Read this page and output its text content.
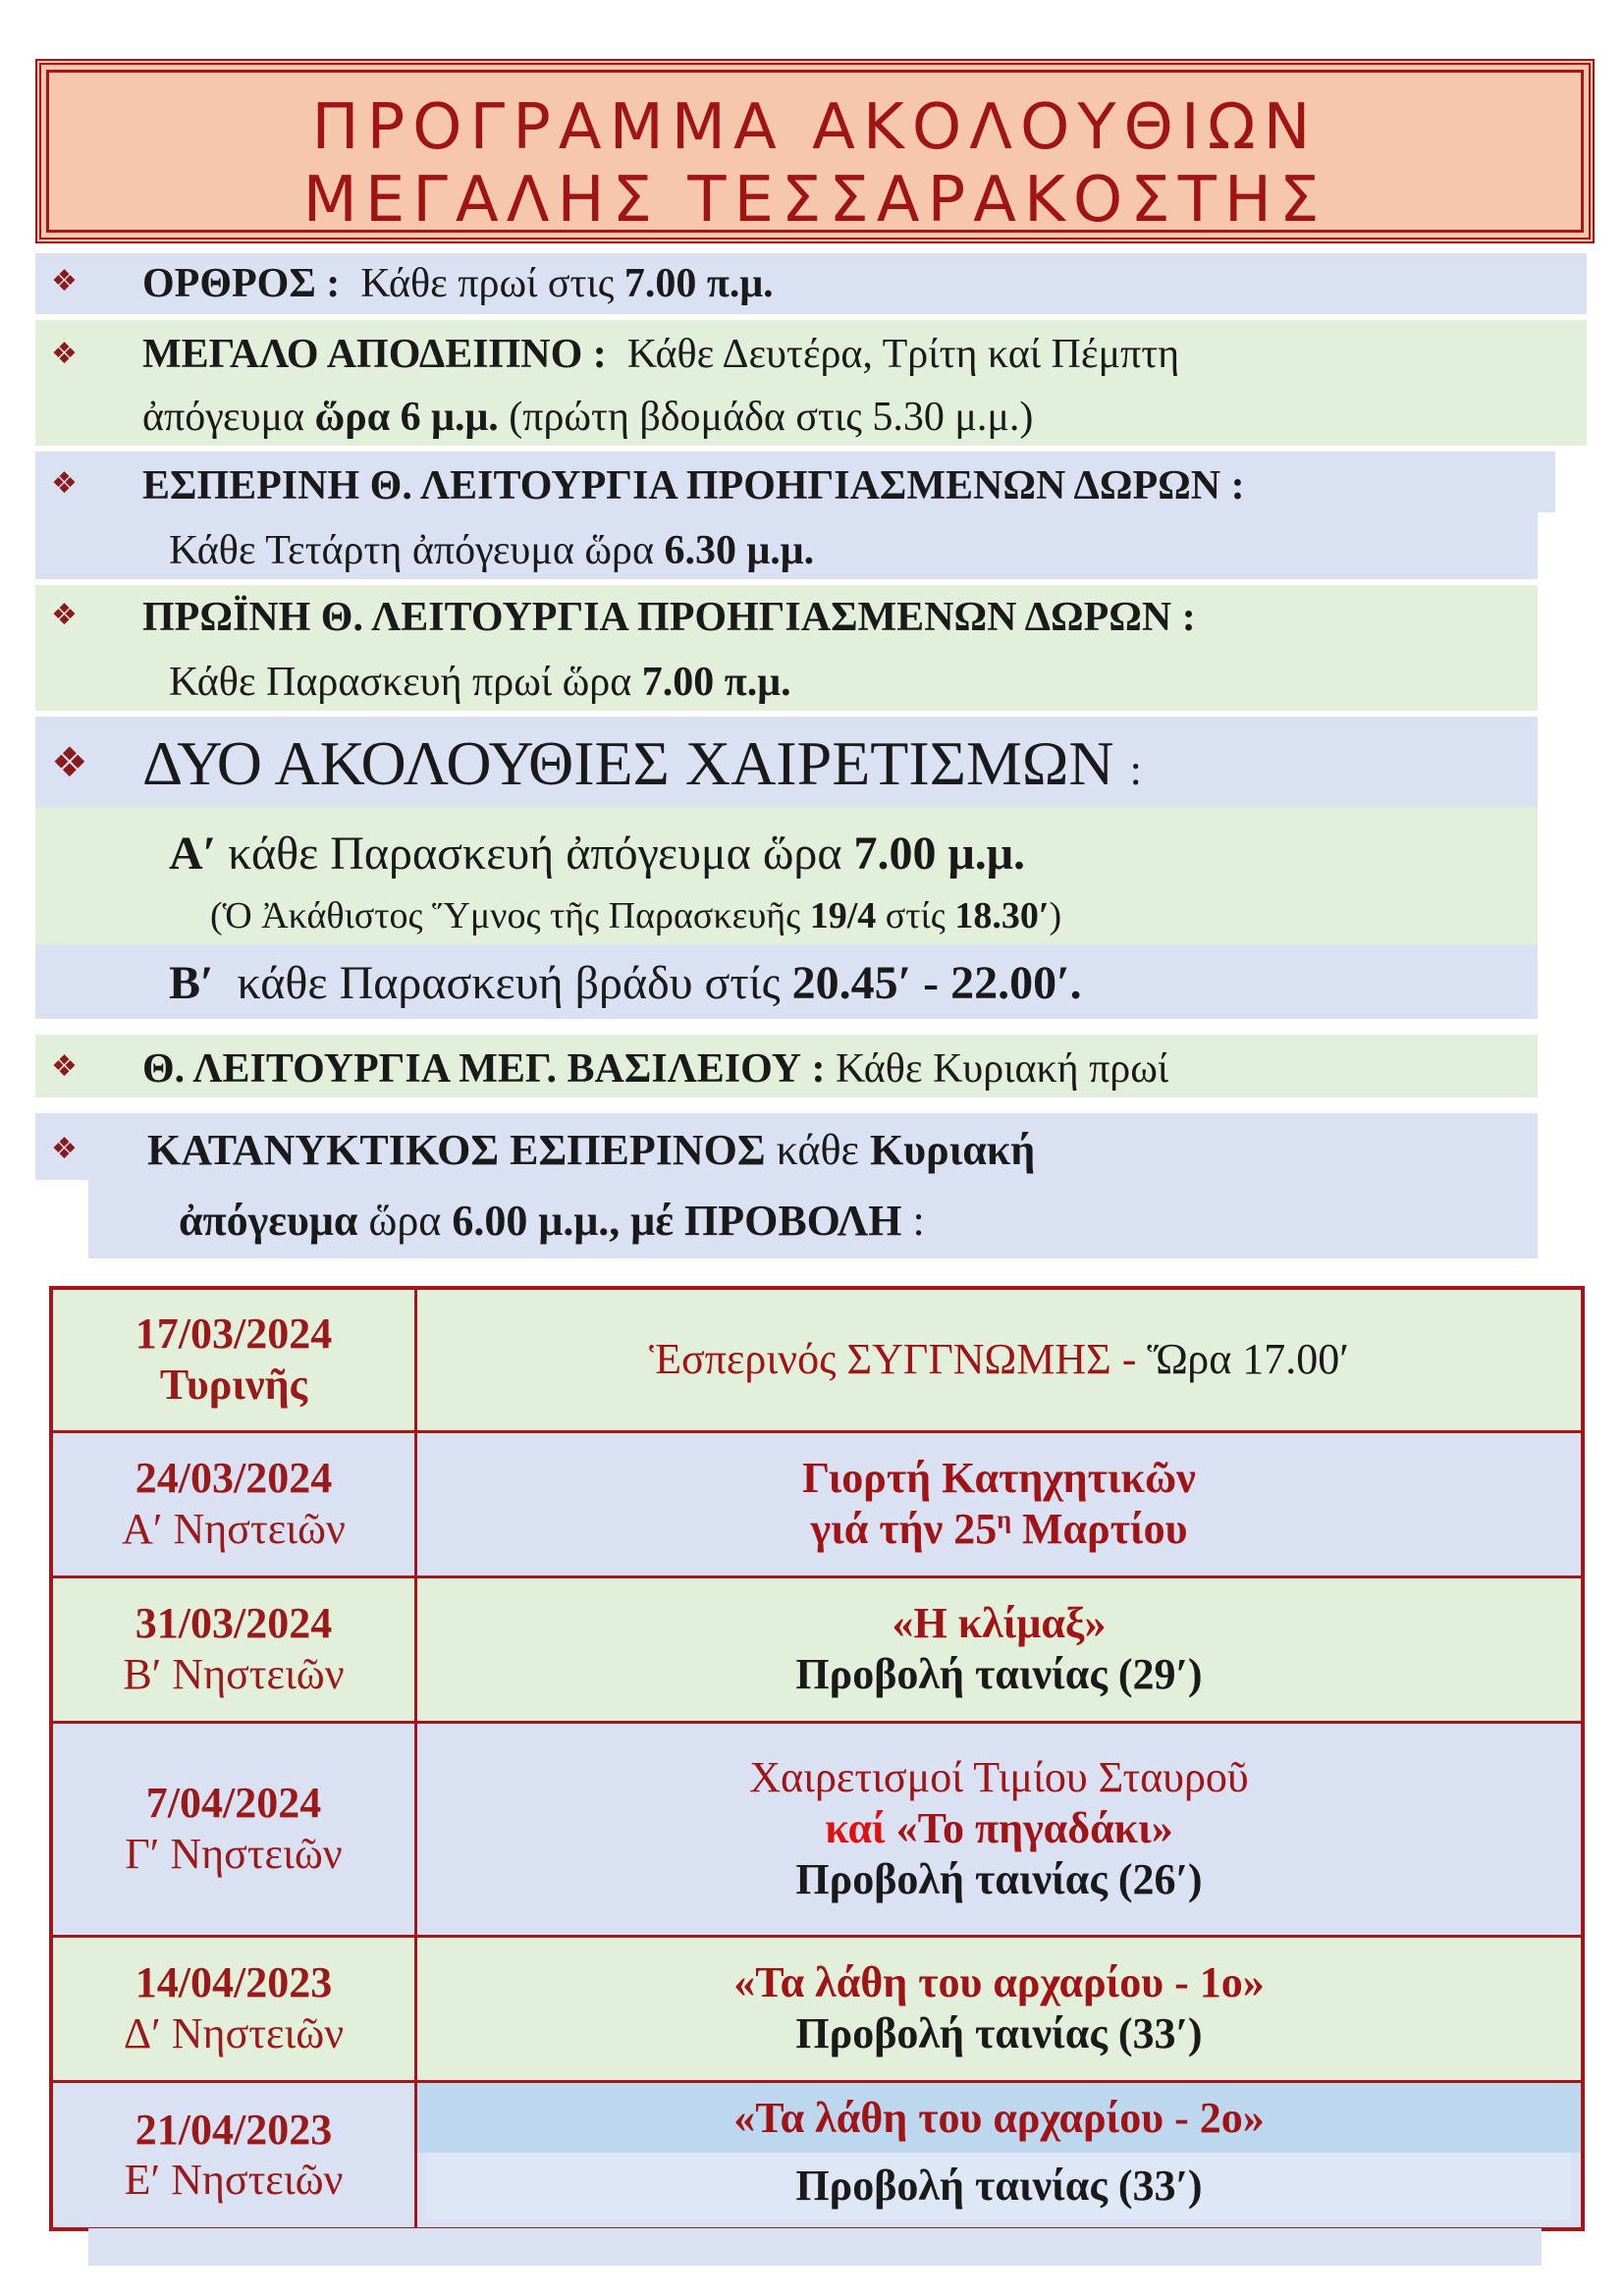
ΠΡΟΓΡΑΜΜΑ ΑΚΟΛΟΥΘΙΩΝ
ΜΕΓΑΛΗΣ ΤΕΣΣΑΡΑΚΟΣΤΗΣ
❖ ΟΡΘΡΟΣ : Κάθε πρωί στις 7.00 π.μ.
❖ ΜΕΓΑΛΟ ΑΠΟΔΕΙΠΝΟ : Κάθε Δευτέρα, Τρίτη καί Πέμπτη
ἀπόγευμα ὥρα 6 μ.μ. (πρώτη βδομάδα στις 5.30 μ.μ.)
❖ ΕΣΠΕΡΙΝΗ Θ. ΛΕΙΤΟΥΡΓΙΑ ΠΡΟΗΓΙΑΣΜΕΝΩΝ ΔΩΡΩΝ :
Κάθε Τετάρτη ἀπόγευμα ὥρα 6.30 μ.μ.
❖ ΠΡΩΪΝΗ Θ. ΛΕΙΤΟΥΡΓΙΑ ΠΡΟΗΓΙΑΣΜΕΝΩΝ ΔΩΡΩΝ :
Κάθε Παρασκευή πρωί ὥρα 7.00 π.μ.
❖ ΔΥΟ ΑΚΟΛΟΥΘΙΕΣ ΧΑΙΡΕΤΙΣΜΩΝ :
Α′ κάθε Παρασκευή ἀπόγευμα ὥρα 7.00 μ.μ.
(Ὁ Ἀκάθιστος Ὕμνος τῆς Παρασκευῆς 19/4 στίς 18.30′)
Β′ κάθε Παρασκευή βράδυ στίς 20.45′ - 22.00′.
❖ Θ. ΛΕΙΤΟΥΡΓΙΑ ΜΕΓ. ΒΑΣΙΛΕΙΟΥ : Κάθε Κυριακή πρωί
❖ ΚΑΤΑΝΥΚΤΙΚΟΣ ΕΣΠΕΡΙΝΟΣ κάθε Κυριακή
ἀπόγευμα ὥρα 6.00 μ.μ., μέ ΠΡΟΒΟΛΗ :
17/03/2024
Τυρινῆς	Ἑσπερινός ΣΥΓΓΝΩΜΗΣ - Ὥρα 17.00′
24/03/2024
Α′ Νηστειῶν	Γιορτή Κατηχητικῶν
γιά τήν $25^\eta$ Μαρτίου
31/03/2024
Β′ Νηστειῶν	«Η κλίμαξ»
Προβολή ταινίας (29′)
7/04/2024
Γ′ Νηστειῶν	Χαιρετισμοί Τιμίου Σταυροῦ
καί «Το πηγαδάκι»
Προβολή ταινίας (26′)
14/04/2023
Δ′ Νηστειῶν	«Τα λάθη του αρχαρίου - 1ο»
Προβολή ταινίας (33′)
21/04/2023
Ε′ Νηστειῶν	«Τα λάθη του αρχαρίου - 2ο»
Προβολή ταινίας (33′)
